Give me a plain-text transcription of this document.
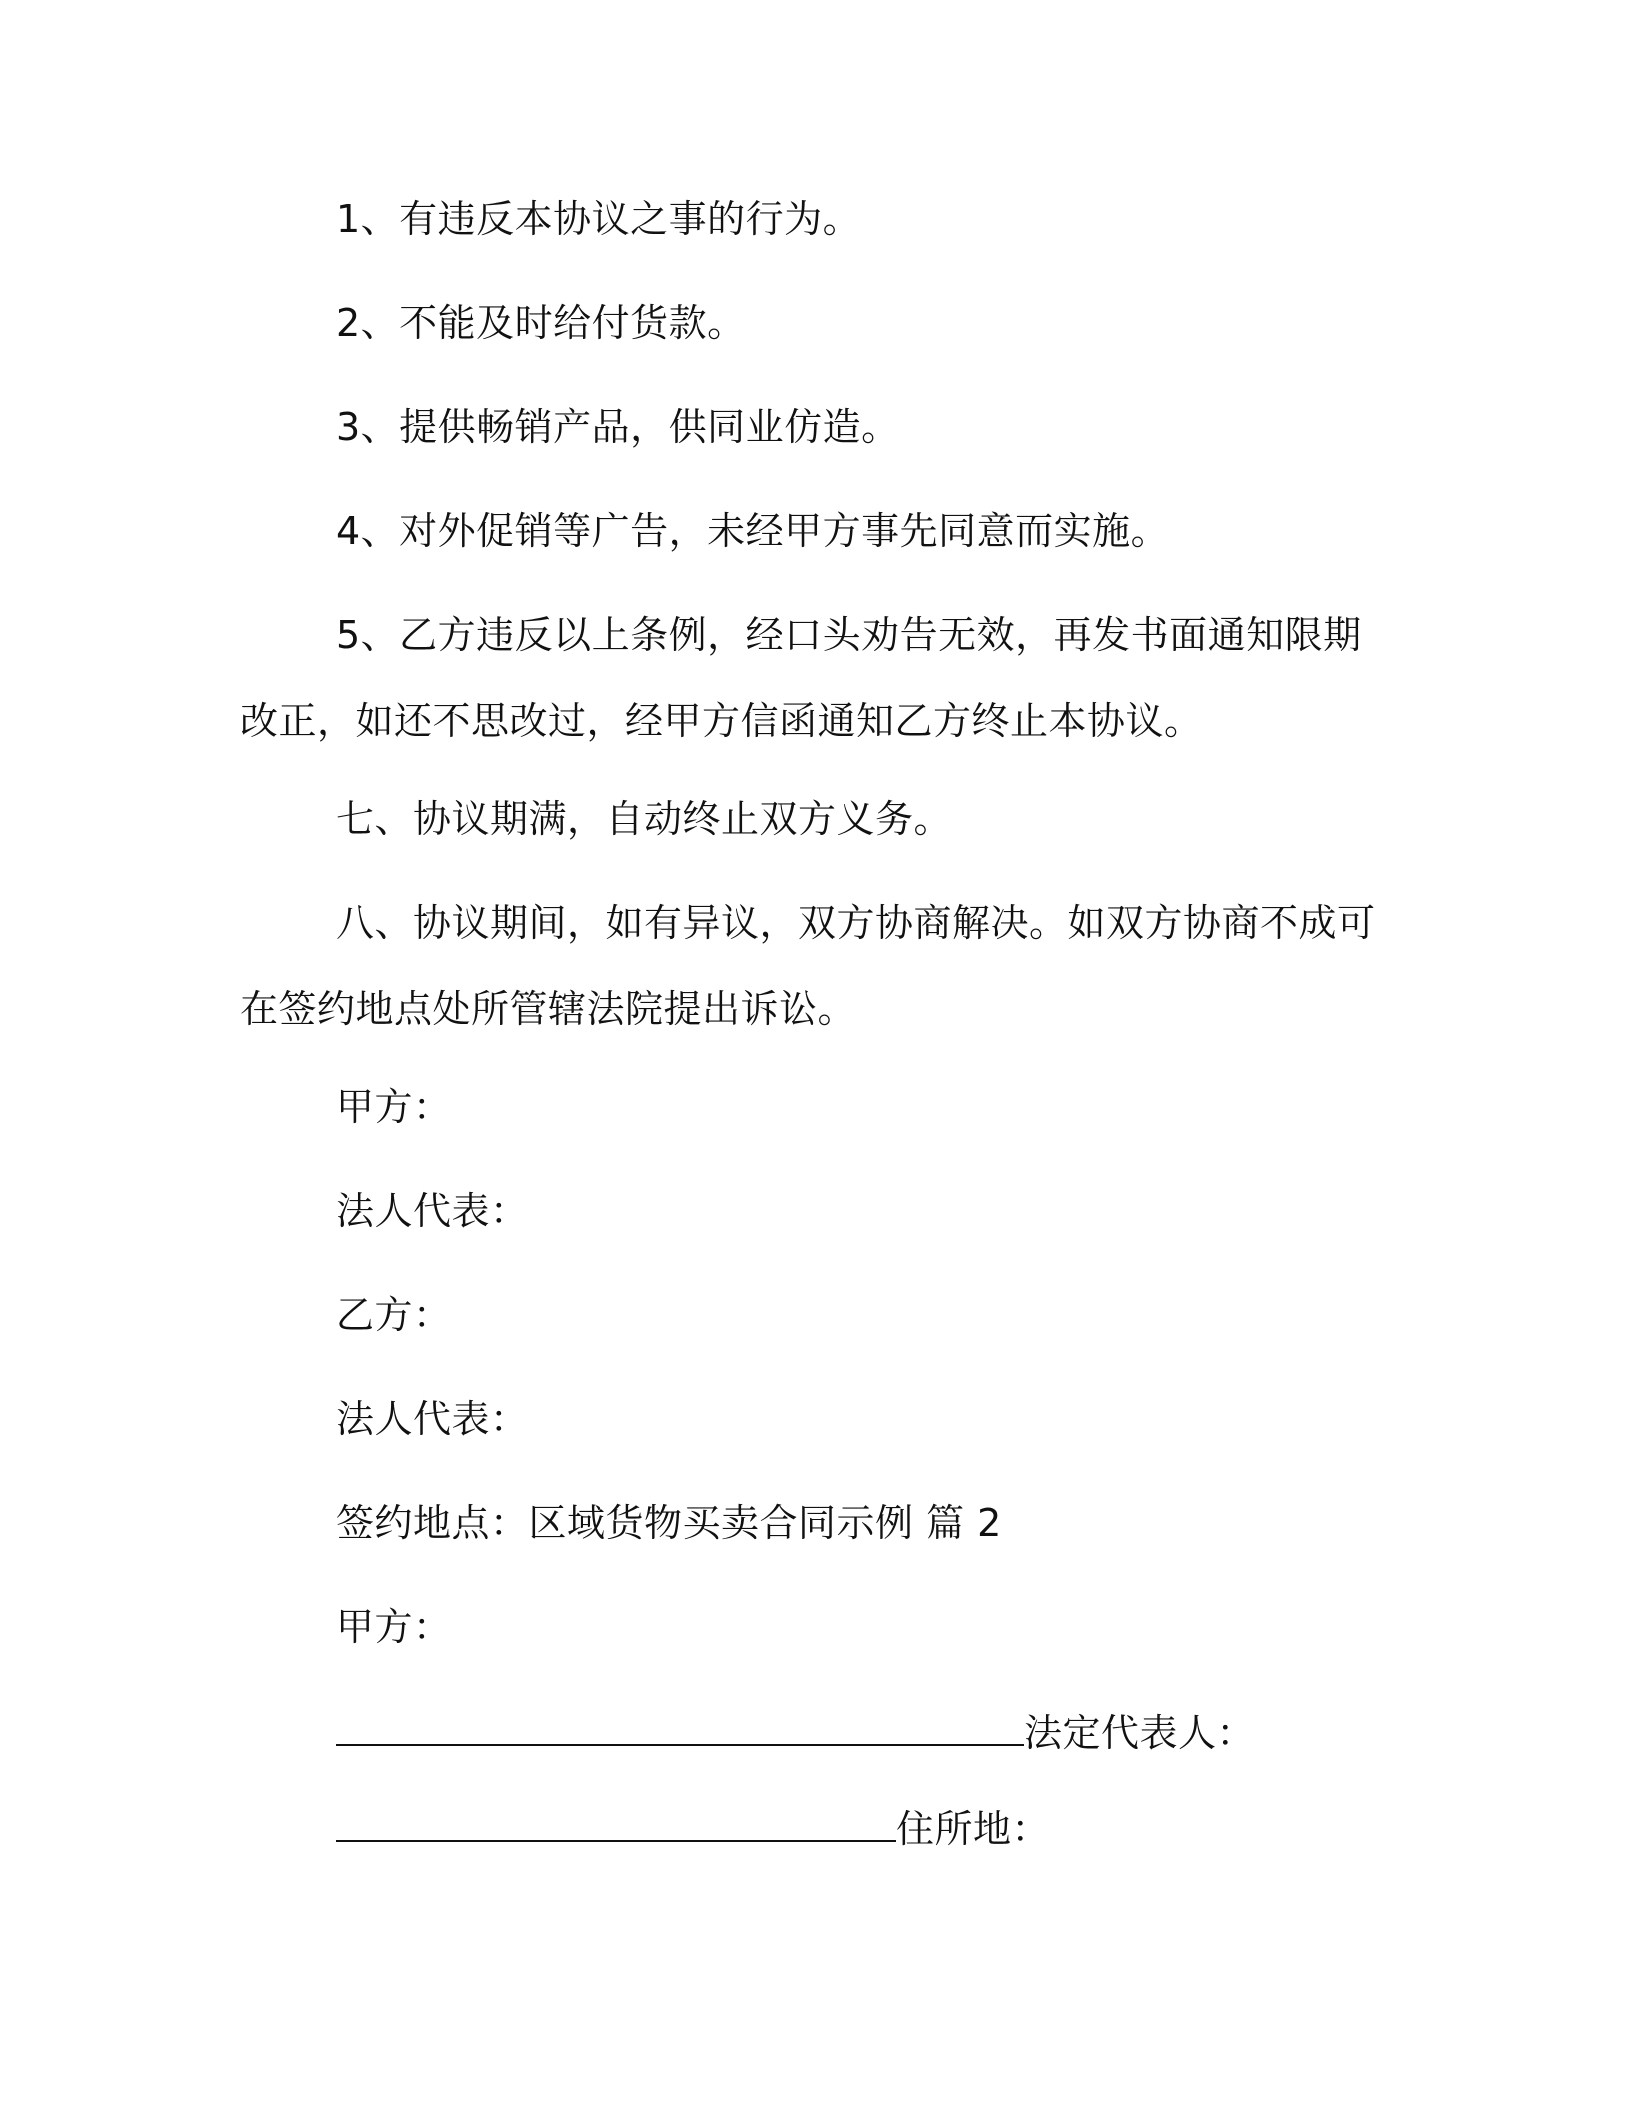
1、有违反本协议之事的行为。

2、不能及时给付货款。

3、提供畅销产品，供同业仿造。

4、对外促销等广告，未经甲方事先同意而实施。

5、乙方违反以上条例，经口头劝告无效，再发书面通知限期改正，如还不思改过，经甲方信函通知乙方终止本协议。

七、协议期满，自动终止双方义务。

八、协议期间，如有异议，双方协商解决。如双方协商不成可在签约地点处所管辖法院提出诉讼。

甲方：

法人代表：

乙方：

法人代表：

签约地点：区域货物买卖合同示例 篇 2

甲方：

法定代表人：

住所地：
